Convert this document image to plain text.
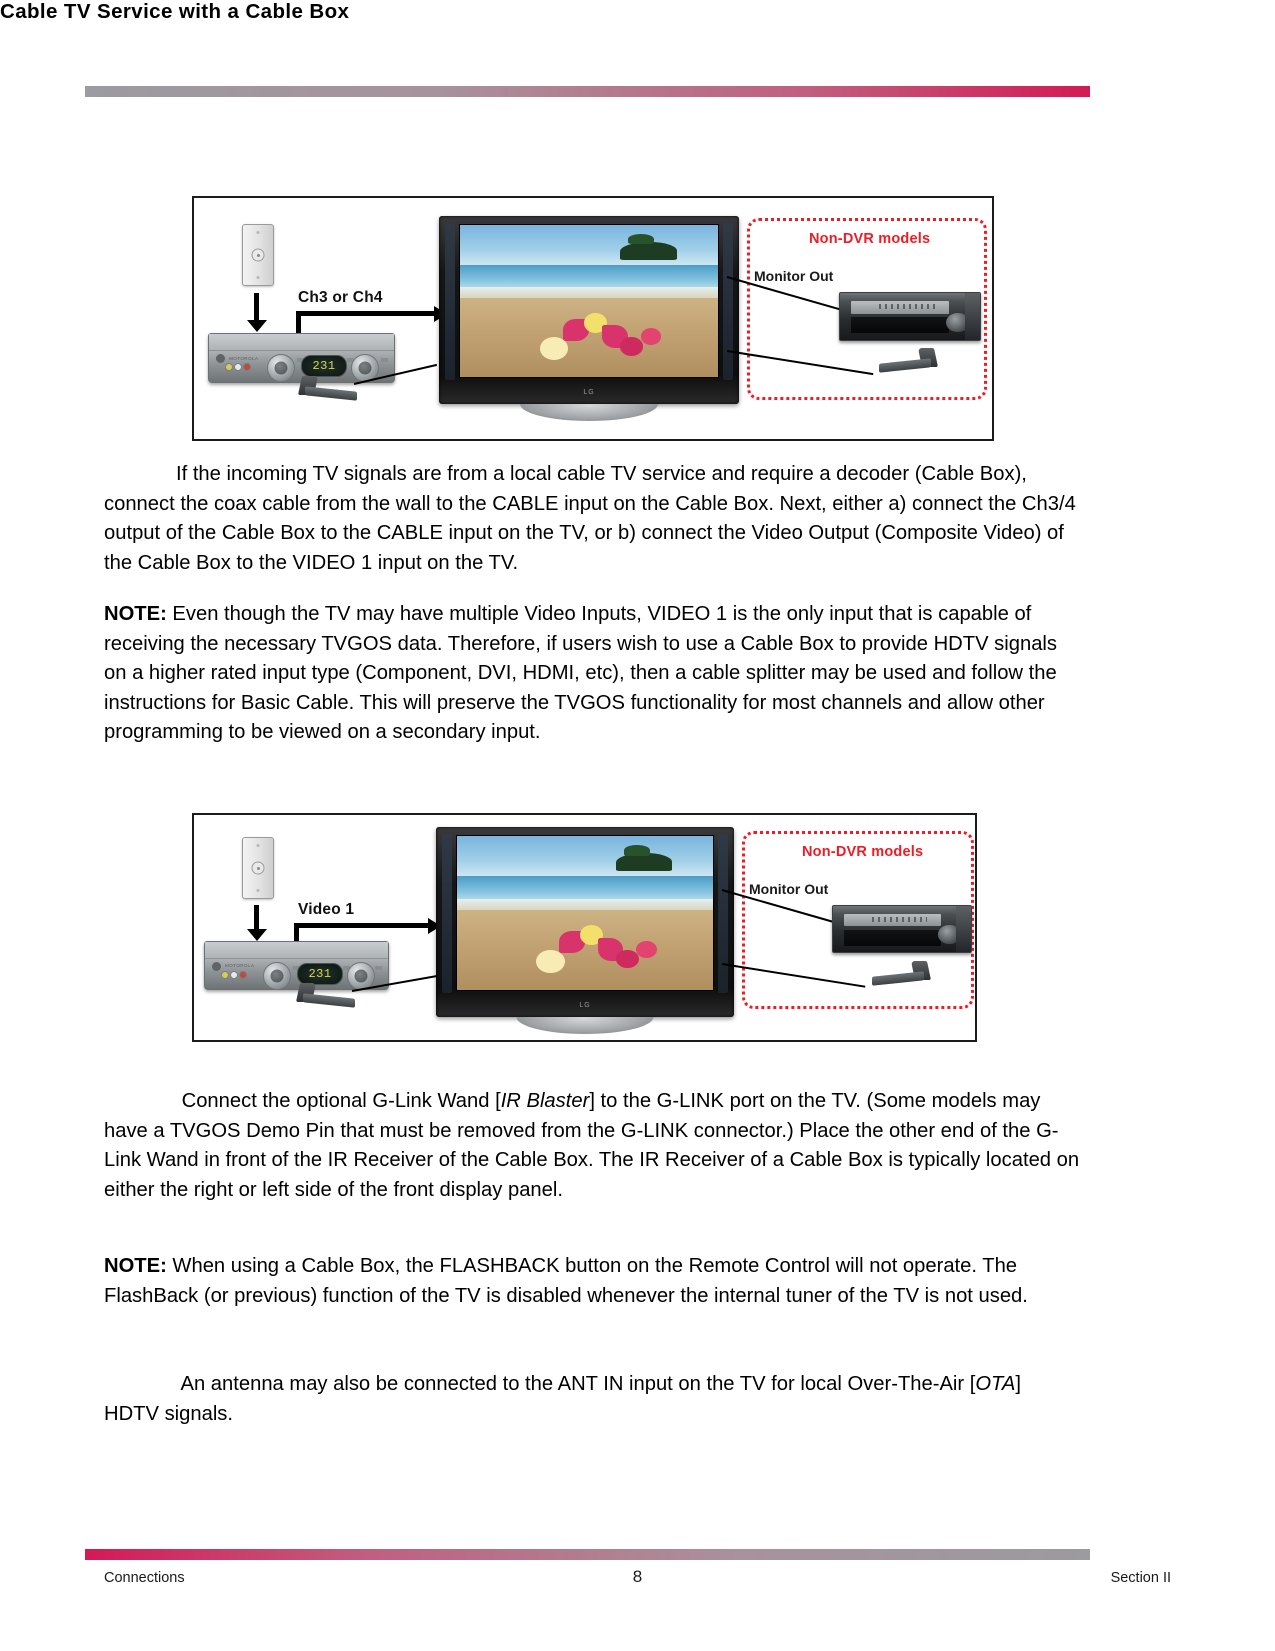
Ch3 or Ch4
MOTOROLA
231
LG
Non-DVR models
Monitor Out
Video 1
MOTOROLA
231
LG
Non-DVR models
Monitor Out
Cable TV Service with a Cable Box

If the incoming TV signals are from a local cable TV service and require a decoder (Cable Box), connect the coax cable from the wall to the CABLE input on the Cable Box. Next, either a) connect the Ch3/4 output of the Cable Box to the CABLE input on the TV, or b) connect the Video Output (Composite Video) of the Cable Box to the VIDEO 1 input on the TV.

NOTE: Even though the TV may have multiple Video Inputs, VIDEO 1 is the only input that is capable of receiving the necessary TVGOS data. Therefore, if users wish to use a Cable Box to provide HDTV signals on a higher rated input type (Component, DVI, HDMI, etc), then a cable splitter may be used and follow the instructions for Basic Cable. This will preserve the TVGOS functionality for most channels and allow other programming to be viewed on a secondary input.

Connect the optional G-Link Wand [IR Blaster] to the G-LINK port on the TV. (Some models may have a TVGOS Demo Pin that must be removed from the G-LINK connector.) Place the other end of the G-Link Wand in front of the IR Receiver of the Cable Box. The IR Receiver of a Cable Box is typically located on either the right or left side of the front display panel.

NOTE: When using a Cable Box, the FLASHBACK button on the Remote Control will not operate. The FlashBack (or previous) function of the TV is disabled whenever the internal tuner of the TV is not used.

An antenna may also be connected to the ANT IN input on the TV for local Over-The-Air [OTA] HDTV signals.

Connections	8	Section II
